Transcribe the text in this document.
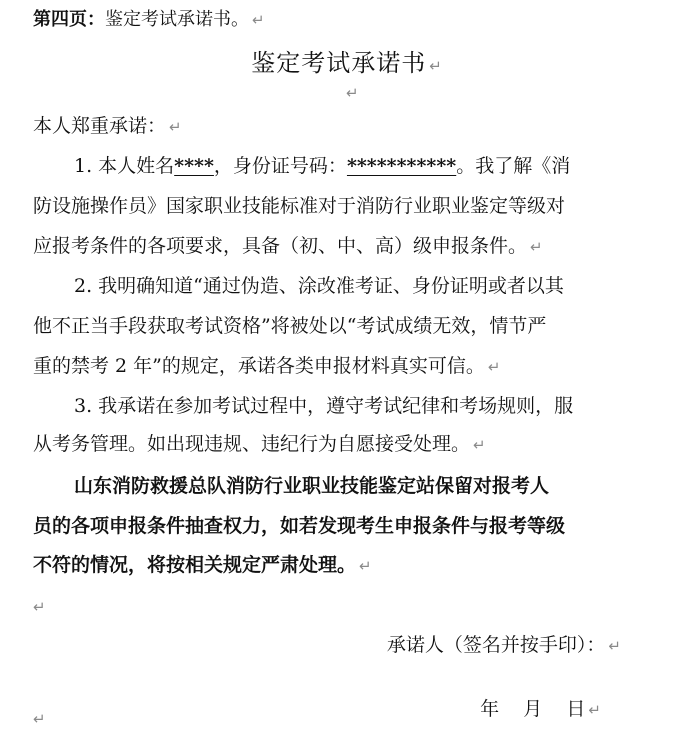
第四页：鉴定考试承诺书。 ↵
鉴定考试承诺书 ↵
↵
本人郑重承诺： ↵
1. 本人姓名****，身份证号码：***********。我了解《消
防设施操作员》国家职业技能标准对于消防行业职业鉴定等级对
应报考条件的各项要求，具备（初、中、高）级申报条件。 ↵
2. 我明确知道“通过伪造、涂改准考证、身份证明或者以其
他不正当手段获取考试资格”将被处以“考试成绩无效，情节严
重的禁考 2 年”的规定，承诺各类申报材料真实可信。 ↵
3. 我承诺在参加考试过程中，遵守考试纪律和考场规则，服
从考务管理。如出现违规、违纪行为自愿接受处理。 ↵
山东消防救援总队消防行业职业技能鉴定站保留对报考人
员的各项申报条件抽查权力，如若发现考生申报条件与报考等级
不符的情况，将按相关规定严肃处理。 ↵
↵
承诺人（签名并按手印）： ↵

年    月    日 ↵

↵
